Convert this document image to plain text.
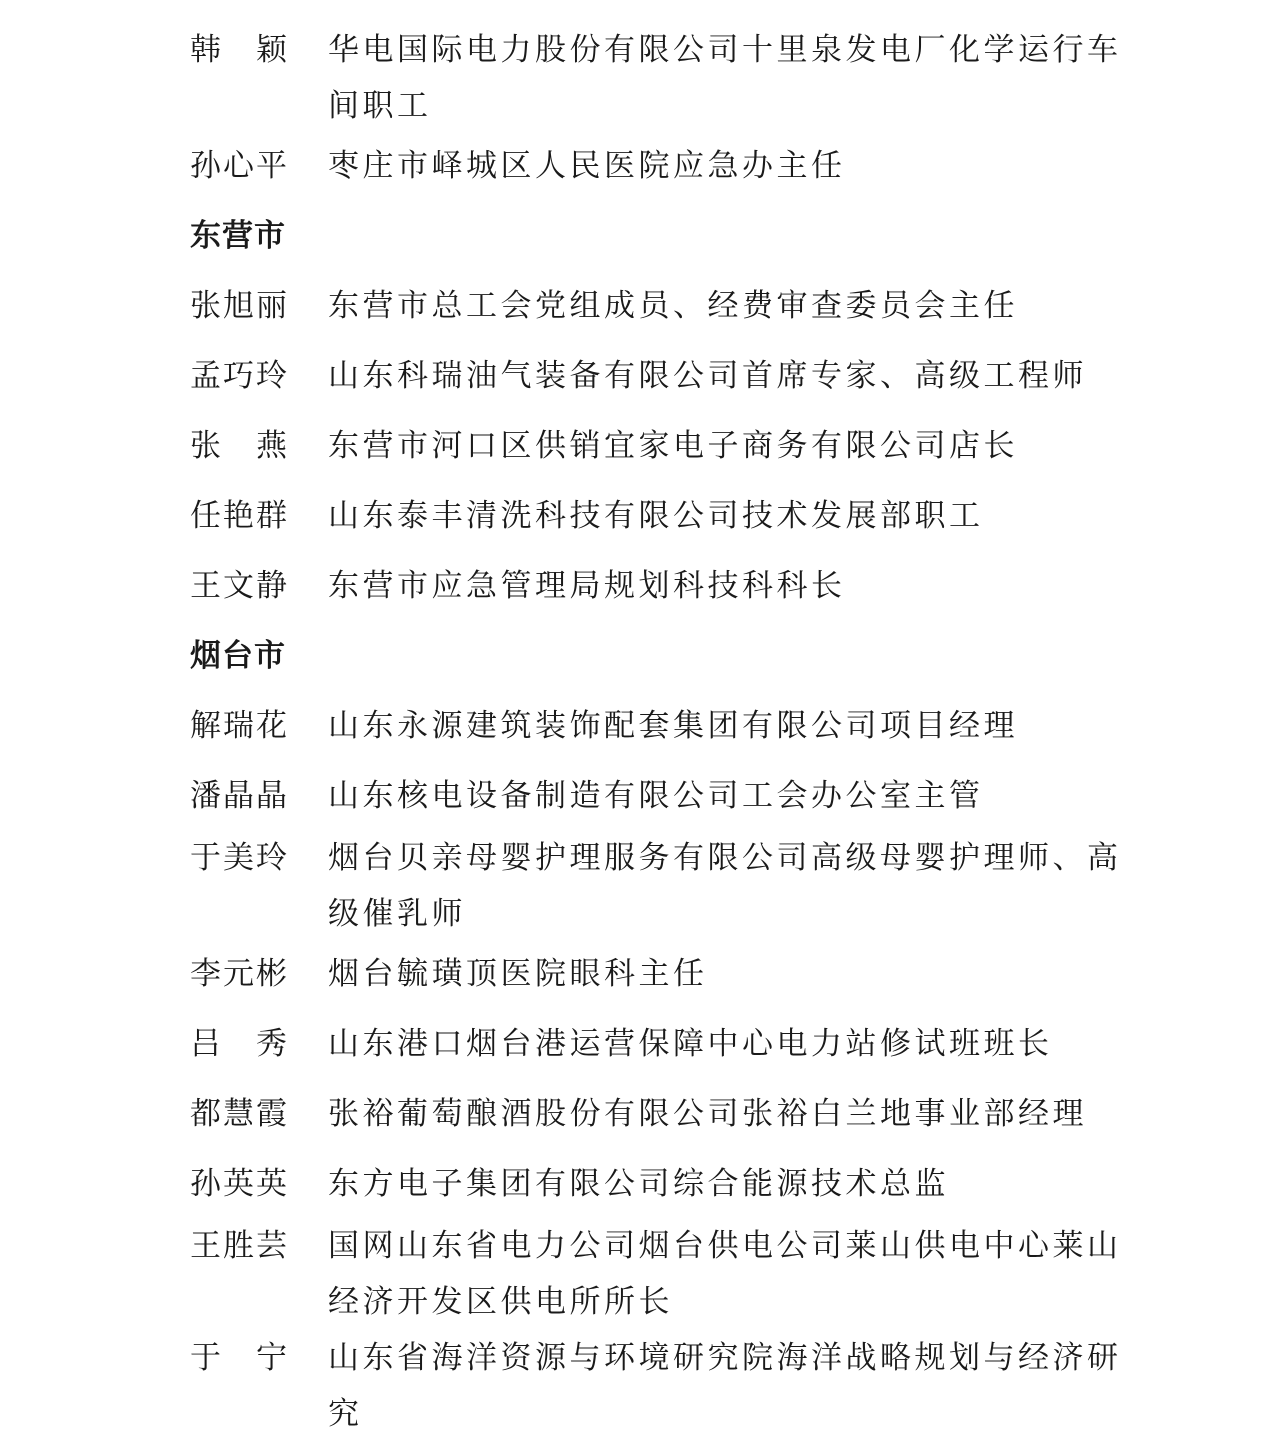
韩　颖 华电国际电力股份有限公司十里泉发电厂化学运行车间职工
孙心平 枣庄市峄城区人民医院应急办主任
东营市
张旭丽 东营市总工会党组成员、经费审查委员会主任
孟巧玲 山东科瑞油气装备有限公司首席专家、高级工程师
张　燕 东营市河口区供销宜家电子商务有限公司店长
任艳群 山东泰丰清洗科技有限公司技术发展部职工
王文静 东营市应急管理局规划科技科科长
烟台市
解瑞花 山东永源建筑装饰配套集团有限公司项目经理
潘晶晶 山东核电设备制造有限公司工会办公室主管
于美玲 烟台贝亲母婴护理服务有限公司高级母婴护理师、高级催乳师
李元彬 烟台毓璜顶医院眼科主任
吕　秀 山东港口烟台港运营保障中心电力站修试班班长
都慧霞 张裕葡萄酿酒股份有限公司张裕白兰地事业部经理
孙英英 东方电子集团有限公司综合能源技术总监
王胜芸 国网山东省电力公司烟台供电公司莱山供电中心莱山经济开发区供电所所长
于　宁 山东省海洋资源与环境研究院海洋战略规划与经济研究
